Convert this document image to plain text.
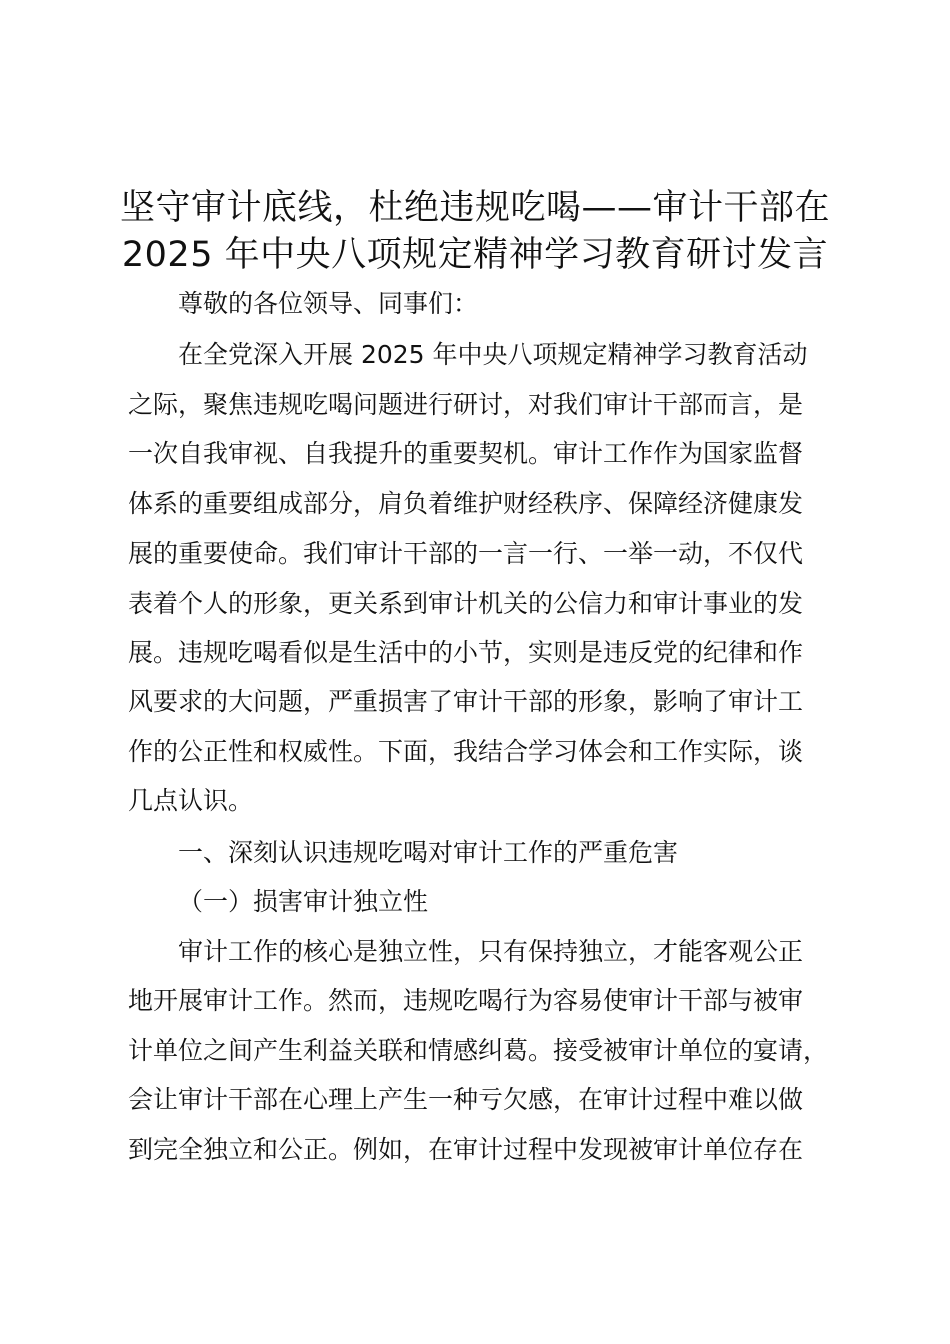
坚守审计底线，杜绝违规吃喝——审计干部在
2025 年中央八项规定精神学习教育研讨发言
尊敬的各位领导、同事们：
在全党深入开展 2025 年中央八项规定精神学习教育活动
之际，聚焦违规吃喝问题进行研讨，对我们审计干部而言，是
一次自我审视、自我提升的重要契机。审计工作作为国家监督
体系的重要组成部分，肩负着维护财经秩序、保障经济健康发
展的重要使命。我们审计干部的一言一行、一举一动，不仅代
表着个人的形象，更关系到审计机关的公信力和审计事业的发
展。违规吃喝看似是生活中的小节，实则是违反党的纪律和作
风要求的大问题，严重损害了审计干部的形象，影响了审计工
作的公正性和权威性。下面，我结合学习体会和工作实际，谈
几点认识。
一、深刻认识违规吃喝对审计工作的严重危害
（一）损害审计独立性
审计工作的核心是独立性，只有保持独立，才能客观公正
地开展审计工作。然而，违规吃喝行为容易使审计干部与被审
计单位之间产生利益关联和情感纠葛。接受被审计单位的宴请，
会让审计干部在心理上产生一种亏欠感，在审计过程中难以做
到完全独立和公正。例如，在审计过程中发现被审计单位存在
